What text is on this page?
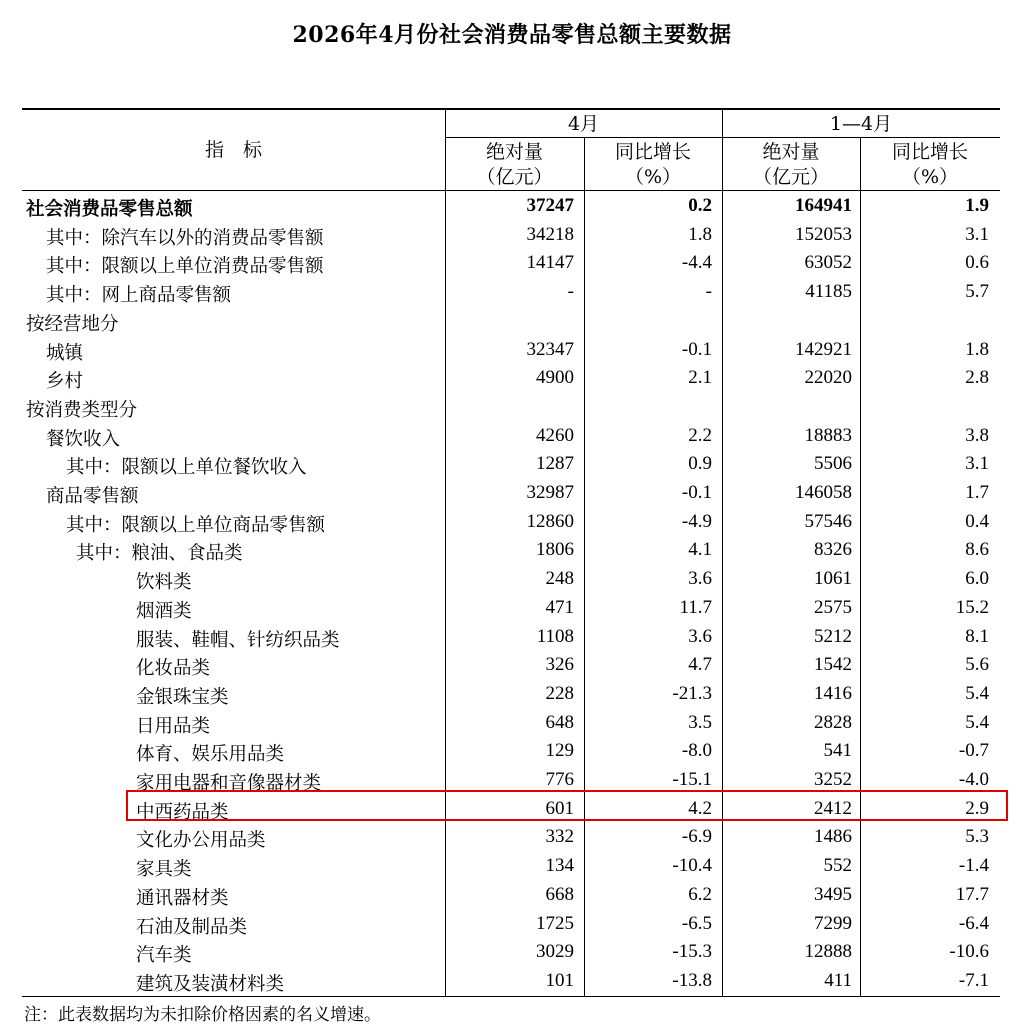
2026年4月份社会消费品零售总额主要数据
指　标
4月	1—4月
绝对量
（亿元）
同比增长
（%）
绝对量
（亿元）
同比增长
（%）
社会消费品零售总额	37247	0.2	164941	1.9
其中：除汽车以外的消费品零售额	34218	1.8	152053	3.1
其中：限额以上单位消费品零售额	14147	-4.4	63052	0.6
其中：网上商品零售额	-	-	41185	5.7
按经营地分
城镇	32347	-0.1	142921	1.8
乡村	4900	2.1	22020	2.8
按消费类型分
餐饮收入	4260	2.2	18883	3.8
其中：限额以上单位餐饮收入	1287	0.9	5506	3.1
商品零售额	32987	-0.1	146058	1.7
其中：限额以上单位商品零售额	12860	-4.9	57546	0.4
其中：粮油、食品类	1806	4.1	8326	8.6
饮料类	248	3.6	1061	6.0
烟酒类	471	11.7	2575	15.2
服装、鞋帽、针纺织品类	1108	3.6	5212	8.1
化妆品类	326	4.7	1542	5.6
金银珠宝类	228	-21.3	1416	5.4
日用品类	648	3.5	2828	5.4
体育、娱乐用品类	129	-8.0	541	-0.7
家用电器和音像器材类	776	-15.1	3252	-4.0
中西药品类	601	4.2	2412	2.9
文化办公用品类	332	-6.9	1486	5.3
家具类	134	-10.4	552	-1.4
通讯器材类	668	6.2	3495	17.7
石油及制品类	1725	-6.5	7299	-6.4
汽车类	3029	-15.3	12888	-10.6
建筑及装潢材料类	101	-13.8	411	-7.1
注：此表数据均为未扣除价格因素的名义增速。
